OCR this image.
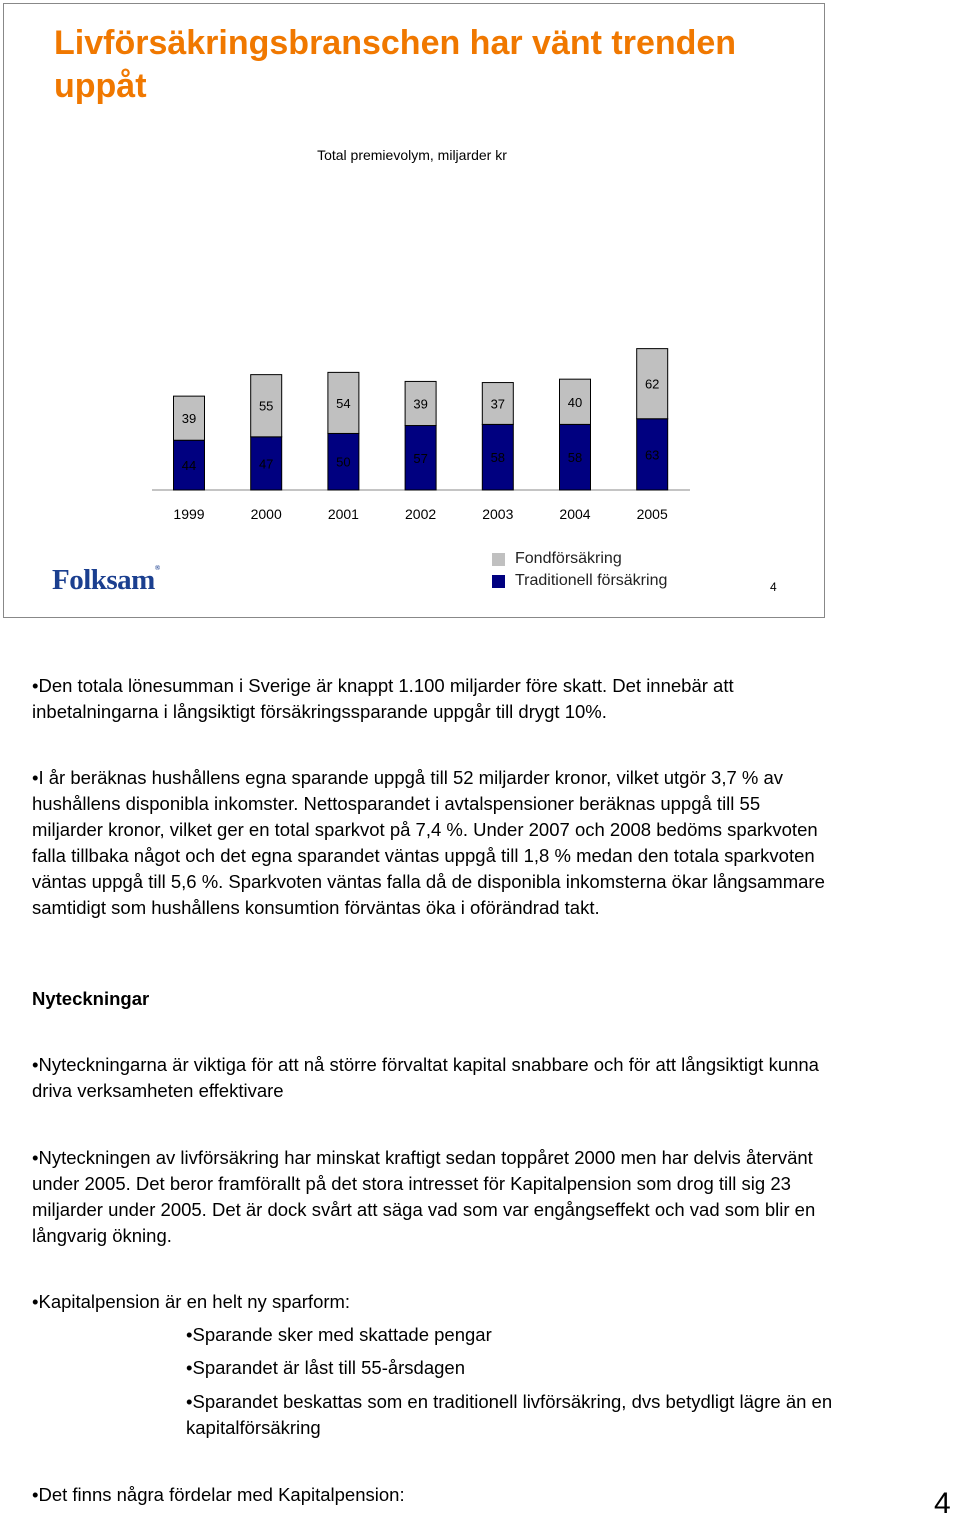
Livförsäkringsbranschen har vänt trenden uppåt
Total premievolym, miljarder kr
44
39
1999
47
55
2000
50
54
2001
57
39
2002
58
37
2003
58
40
2004
63
62
2005
Folksam®
Fondförsäkring
Traditionell försäkring	4

•Den totala lönesumman i Sverige är knappt 1.100 miljarder före skatt. Det innebär att inbetalningarna i långsiktigt försäkringssparande uppgår till drygt 10%.

•I år beräknas hushållens egna sparande uppgå till 52 miljarder kronor, vilket utgör 3,7 % av hushållens disponibla inkomster. Nettosparandet i avtalspensioner beräknas uppgå till 55 miljarder kronor, vilket ger en total sparkvot på 7,4 %. Under 2007 och 2008 bedöms sparkvoten falla tillbaka något och det egna sparandet väntas uppgå till 1,8 % medan den totala sparkvoten väntas uppgå till 5,6 %. Sparkvoten väntas falla då de disponibla inkomsterna ökar långsammare samtidigt som hushållens konsumtion förväntas öka i oförändrad takt.

Nyteckningar

•Nyteckningarna är viktiga för att nå större förvaltat kapital snabbare och för att långsiktigt kunna driva verksamheten effektivare

•Nyteckningen av livförsäkring har minskat kraftigt sedan toppåret 2000 men har delvis återvänt under 2005. Det beror framförallt på det stora intresset för Kapitalpension som drog till sig 23 miljarder under 2005. Det är dock svårt att säga vad som var engångseffekt och vad som blir en långvarig ökning.

•Kapitalpension är en helt ny sparform:

•Sparande sker med skattade pengar

•Sparandet är låst till 55-årsdagen

•Sparandet beskattas som en traditionell livförsäkring, dvs betydligt lägre än en kapitalförsäkring

•Det finns några fördelar med Kapitalpension:	4
